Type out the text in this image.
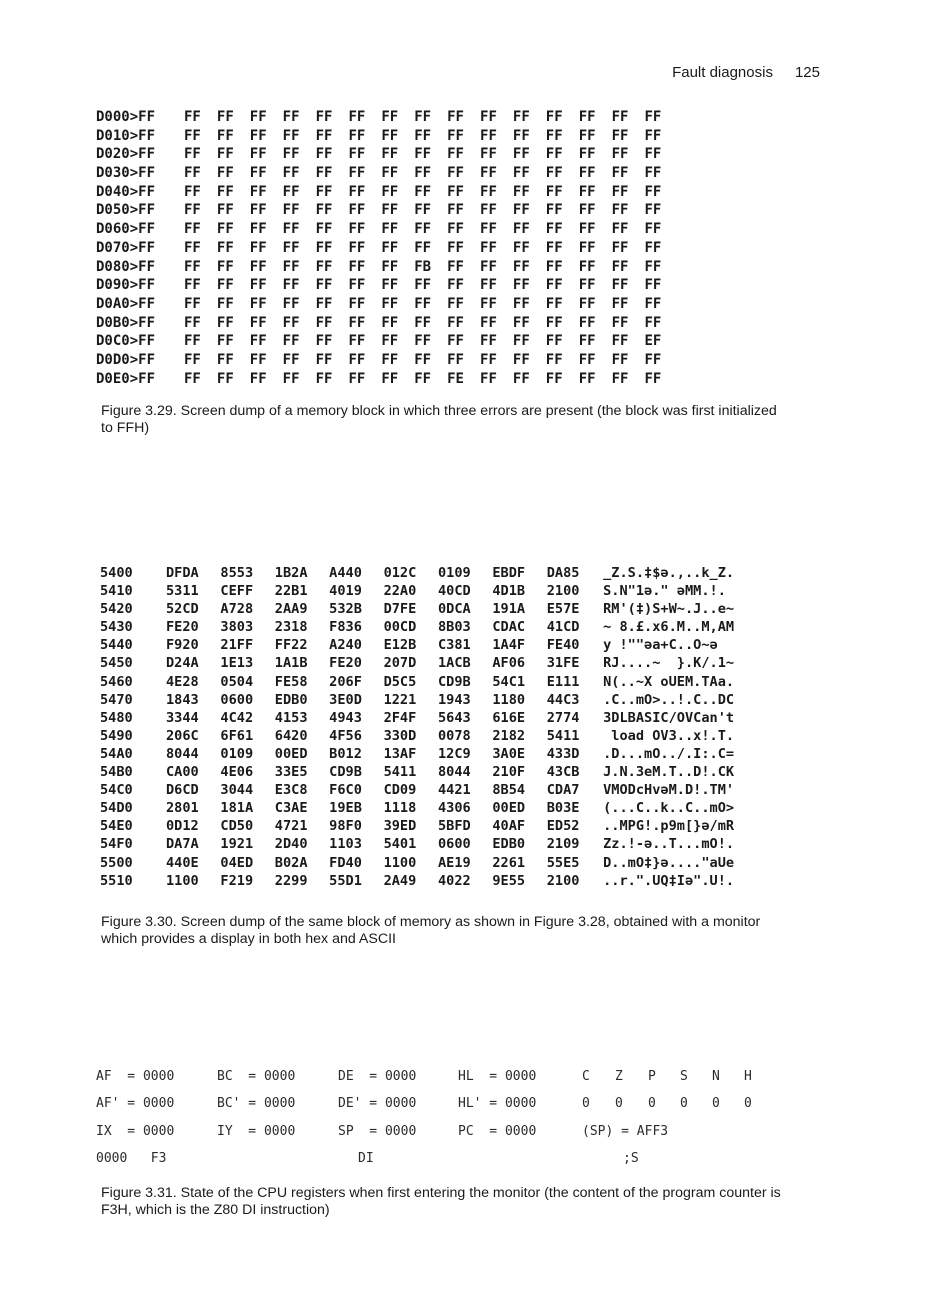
Fault diagnosis 125
D000>FF FF FF FF FF FF FF FF FF FF FF FF FF FF FF FF
D010>FF FF FF FF FF FF FF FF FF FF FF FF FF FF FF FF
D020>FF FF FF FF FF FF FF FF FF FF FF FF FF FF FF FF
D030>FF FF FF FF FF FF FF FF FF FF FF FF FF FF FF FF
D040>FF FF FF FF FF FF FF FF FF FF FF FF FF FF FF FF
D050>FF FF FF FF FF FF FF FF FF FF FF FF FF FF FF FF
D060>FF FF FF FF FF FF FF FF FF FF FF FF FF FF FF FF
D070>FF FF FF FF FF FF FF FF FF FF FF FF FF FF FF FF
D080>FF FF FF FF FF FF FF FF FB FF FF FF FF FF FF FF
D090>FF FF FF FF FF FF FF FF FF FF FF FF FF FF FF FF
D0A0>FF FF FF FF FF FF FF FF FF FF FF FF FF FF FF FF
D0B0>FF FF FF FF FF FF FF FF FF FF FF FF FF FF FF FF
D0C0>FF FF FF FF FF FF FF FF FF FF FF FF FF FF FF EF
D0D0>FF FF FF FF FF FF FF FF FF FF FF FF FF FF FF FF
D0E0>FF FF FF FF FF FF FF FF FF FE FF FF FF FF FF FF
Figure 3.29. Screen dump of a memory block in which three errors are present (the block was first initialized to FFH)
5400	DFDA	8553	1B2A	A440	012C	0109	EBDF	DA85	_Z.S.‡$ə.,..k_Z.
5410	5311	CEFF	22B1	4019	22A0	40CD	4D1B	2100	S.N"1ə." əMM.!.
5420	52CD	A728	2AA9	532B	D7FE	0DCA	191A	E57E	RM'(‡)S+W~.J..e~
5430	FE20	3803	2318	F836	00CD	8B03	CDAC	41CD	~ 8.£.x6.M..M,AM
5440	F920	21FF	FF22	A240	E12B	C381	1A4F	FE40	y !""əa+C..O~ə
5450	D24A	1E13	1A1B	FE20	207D	1ACB	AF06	31FE	RJ....~  }.K/.1~
5460	4E28	0504	FE58	206F	D5C5	CD9B	54C1	E111	N(..~X oUEM.TAa.
5470	1843	0600	EDB0	3E0D	1221	1943	1180	44C3	.C..mO>..!.C..DC
5480	3344	4C42	4153	4943	2F4F	5643	616E	2774	3DLBASIC/OVCan't
5490	206C	6F61	6420	4F56	330D	0078	2182	5411	load OV3..x!.T.
54A0	8044	0109	00ED	B012	13AF	12C9	3A0E	433D	.D...mO../.I:.C=
54B0	CA00	4E06	33E5	CD9B	5411	8044	210F	43CB	J.N.3eM.T..D!.CK
54C0	D6CD	3044	E3C8	F6C0	CD09	4421	8B54	CDA7	VMODcHvəM.D!.TM'
54D0	2801	181A	C3AE	19EB	1118	4306	00ED	B03E	(...C..k..C..mO>
54E0	0D12	CD50	4721	98F0	39ED	5BFD	40AF	ED52	..MPG!.p9m[}ə/mR
54F0	DA7A	1921	2D40	1103	5401	0600	EDB0	2109	Zz.!-ə..T...mO!.
5500	440E	04ED	B02A	FD40	1100	AE19	2261	55E5	D..mO‡}ə...."aUe
5510	1100	F219	2299	55D1	2A49	4022	9E55	2100	..r.".UQ‡Iə".U!.
Figure 3.30. Screen dump of the same block of memory as shown in Figure 3.28, obtained with a monitor which provides a display in both hex and ASCII
AF  = 0000	BC  = 0000	DE  = 0000	HL  = 0000	C Z P S N H
AF' = 0000	BC' = 0000	DE' = 0000	HL' = 0000	0 0 0 0 0 0
IX  = 0000	IY  = 0000	SP  = 0000	PC  = 0000	(SP) = AFF3
0000   F3	DI	;S
Figure 3.31. State of the CPU registers when first entering the monitor (the content of the program counter is F3H, which is the Z80 DI instruction)
